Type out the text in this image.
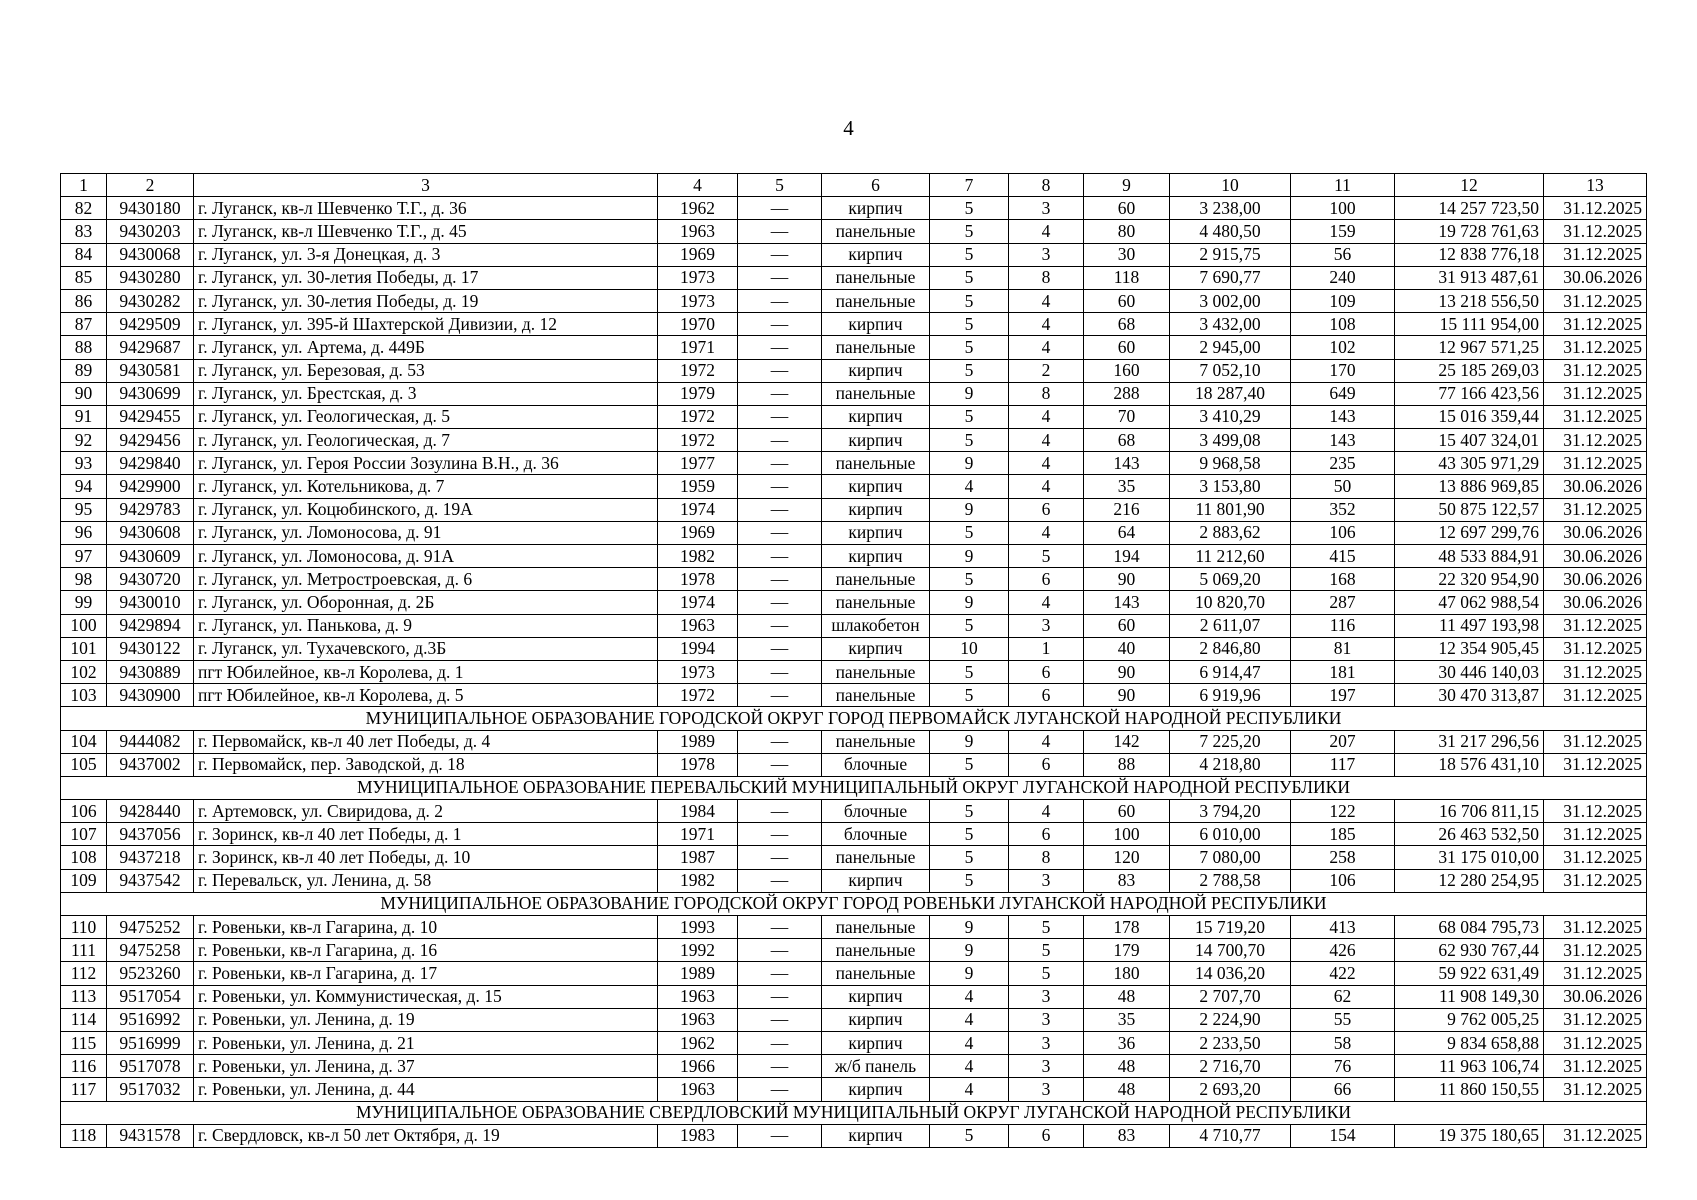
4
1	2	3	4	5	6	7	8	9	10	11	12	13
82	9430180	г. Луганск, кв-л Шевченко Т.Г., д. 36	1962	—	кирпич	5	3	60	3 238,00	100	14 257 723,50	31.12.2025
83	9430203	г. Луганск, кв-л Шевченко Т.Г., д. 45	1963	—	панельные	5	4	80	4 480,50	159	19 728 761,63	31.12.2025
84	9430068	г. Луганск, ул. 3-я Донецкая, д. 3	1969	—	кирпич	5	3	30	2 915,75	56	12 838 776,18	31.12.2025
85	9430280	г. Луганск, ул. 30-летия Победы, д. 17	1973	—	панельные	5	8	118	7 690,77	240	31 913 487,61	30.06.2026
86	9430282	г. Луганск, ул. 30-летия Победы, д. 19	1973	—	панельные	5	4	60	3 002,00	109	13 218 556,50	31.12.2025
87	9429509	г. Луганск, ул. 395-й Шахтерской Дивизии, д. 12	1970	—	кирпич	5	4	68	3 432,00	108	15 111 954,00	31.12.2025
88	9429687	г. Луганск, ул. Артема, д. 449Б	1971	—	панельные	5	4	60	2 945,00	102	12 967 571,25	31.12.2025
89	9430581	г. Луганск, ул. Березовая, д. 53	1972	—	кирпич	5	2	160	7 052,10	170	25 185 269,03	31.12.2025
90	9430699	г. Луганск, ул. Брестская, д. 3	1979	—	панельные	9	8	288	18 287,40	649	77 166 423,56	31.12.2025
91	9429455	г. Луганск, ул. Геологическая, д. 5	1972	—	кирпич	5	4	70	3 410,29	143	15 016 359,44	31.12.2025
92	9429456	г. Луганск, ул. Геологическая, д. 7	1972	—	кирпич	5	4	68	3 499,08	143	15 407 324,01	31.12.2025
93	9429840	г. Луганск, ул. Героя России Зозулина В.Н., д. 36	1977	—	панельные	9	4	143	9 968,58	235	43 305 971,29	31.12.2025
94	9429900	г. Луганск, ул. Котельникова, д. 7	1959	—	кирпич	4	4	35	3 153,80	50	13 886 969,85	30.06.2026
95	9429783	г. Луганск, ул. Коцюбинского, д. 19А	1974	—	кирпич	9	6	216	11 801,90	352	50 875 122,57	31.12.2025
96	9430608	г. Луганск, ул. Ломоносова, д. 91	1969	—	кирпич	5	4	64	2 883,62	106	12 697 299,76	30.06.2026
97	9430609	г. Луганск, ул. Ломоносова, д. 91А	1982	—	кирпич	9	5	194	11 212,60	415	48 533 884,91	30.06.2026
98	9430720	г. Луганск, ул. Метростроевская, д. 6	1978	—	панельные	5	6	90	5 069,20	168	22 320 954,90	30.06.2026
99	9430010	г. Луганск, ул. Оборонная, д. 2Б	1974	—	панельные	9	4	143	10 820,70	287	47 062 988,54	30.06.2026
100	9429894	г. Луганск, ул. Панькова, д. 9	1963	—	шлакобетон	5	3	60	2 611,07	116	11 497 193,98	31.12.2025
101	9430122	г. Луганск, ул. Тухачевского, д.3Б	1994	—	кирпич	10	1	40	2 846,80	81	12 354 905,45	31.12.2025
102	9430889	пгт Юбилейное, кв-л Королева, д. 1	1973	—	панельные	5	6	90	6 914,47	181	30 446 140,03	31.12.2025
103	9430900	пгт Юбилейное, кв-л Королева, д. 5	1972	—	панельные	5	6	90	6 919,96	197	30 470 313,87	31.12.2025
МУНИЦИПАЛЬНОЕ ОБРАЗОВАНИЕ ГОРОДСКОЙ ОКРУГ ГОРОД ПЕРВОМАЙСК ЛУГАНСКОЙ НАРОДНОЙ РЕСПУБЛИКИ												
104	9444082	г. Первомайск, кв-л 40 лет Победы, д. 4	1989	—	панельные	9	4	142	7 225,20	207	31 217 296,56	31.12.2025
105	9437002	г. Первомайск, пер. Заводской, д. 18	1978	—	блочные	5	6	88	4 218,80	117	18 576 431,10	31.12.2025
МУНИЦИПАЛЬНОЕ ОБРАЗОВАНИЕ ПЕРЕВАЛЬСКИЙ МУНИЦИПАЛЬНЫЙ ОКРУГ ЛУГАНСКОЙ НАРОДНОЙ РЕСПУБЛИКИ												
106	9428440	г. Артемовск, ул. Свиридова, д. 2	1984	—	блочные	5	4	60	3 794,20	122	16 706 811,15	31.12.2025
107	9437056	г. Зоринск, кв-л 40 лет Победы, д. 1	1971	—	блочные	5	6	100	6 010,00	185	26 463 532,50	31.12.2025
108	9437218	г. Зоринск, кв-л 40 лет Победы, д. 10	1987	—	панельные	5	8	120	7 080,00	258	31 175 010,00	31.12.2025
109	9437542	г. Перевальск, ул. Ленина, д. 58	1982	—	кирпич	5	3	83	2 788,58	106	12 280 254,95	31.12.2025
МУНИЦИПАЛЬНОЕ ОБРАЗОВАНИЕ ГОРОДСКОЙ ОКРУГ ГОРОД РОВЕНЬКИ ЛУГАНСКОЙ НАРОДНОЙ РЕСПУБЛИКИ												
110	9475252	г. Ровеньки, кв-л Гагарина, д. 10	1993	—	панельные	9	5	178	15 719,20	413	68 084 795,73	31.12.2025
111	9475258	г. Ровеньки, кв-л Гагарина, д. 16	1992	—	панельные	9	5	179	14 700,70	426	62 930 767,44	31.12.2025
112	9523260	г. Ровеньки, кв-л Гагарина, д. 17	1989	—	панельные	9	5	180	14 036,20	422	59 922 631,49	31.12.2025
113	9517054	г. Ровеньки, ул. Коммунистическая, д. 15	1963	—	кирпич	4	3	48	2 707,70	62	11 908 149,30	30.06.2026
114	9516992	г. Ровеньки, ул. Ленина, д. 19	1963	—	кирпич	4	3	35	2 224,90	55	9 762 005,25	31.12.2025
115	9516999	г. Ровеньки, ул. Ленина, д. 21	1962	—	кирпич	4	3	36	2 233,50	58	9 834 658,88	31.12.2025
116	9517078	г. Ровеньки, ул. Ленина, д. 37	1966	—	ж/б панель	4	3	48	2 716,70	76	11 963 106,74	31.12.2025
117	9517032	г. Ровеньки, ул. Ленина, д. 44	1963	—	кирпич	4	3	48	2 693,20	66	11 860 150,55	31.12.2025
МУНИЦИПАЛЬНОЕ ОБРАЗОВАНИЕ СВЕРДЛОВСКИЙ МУНИЦИПАЛЬНЫЙ ОКРУГ ЛУГАНСКОЙ НАРОДНОЙ РЕСПУБЛИКИ												
118	9431578	г. Свердловск, кв-л 50 лет Октября, д. 19	1983	—	кирпич	5	6	83	4 710,77	154	19 375 180,65	31.12.2025
